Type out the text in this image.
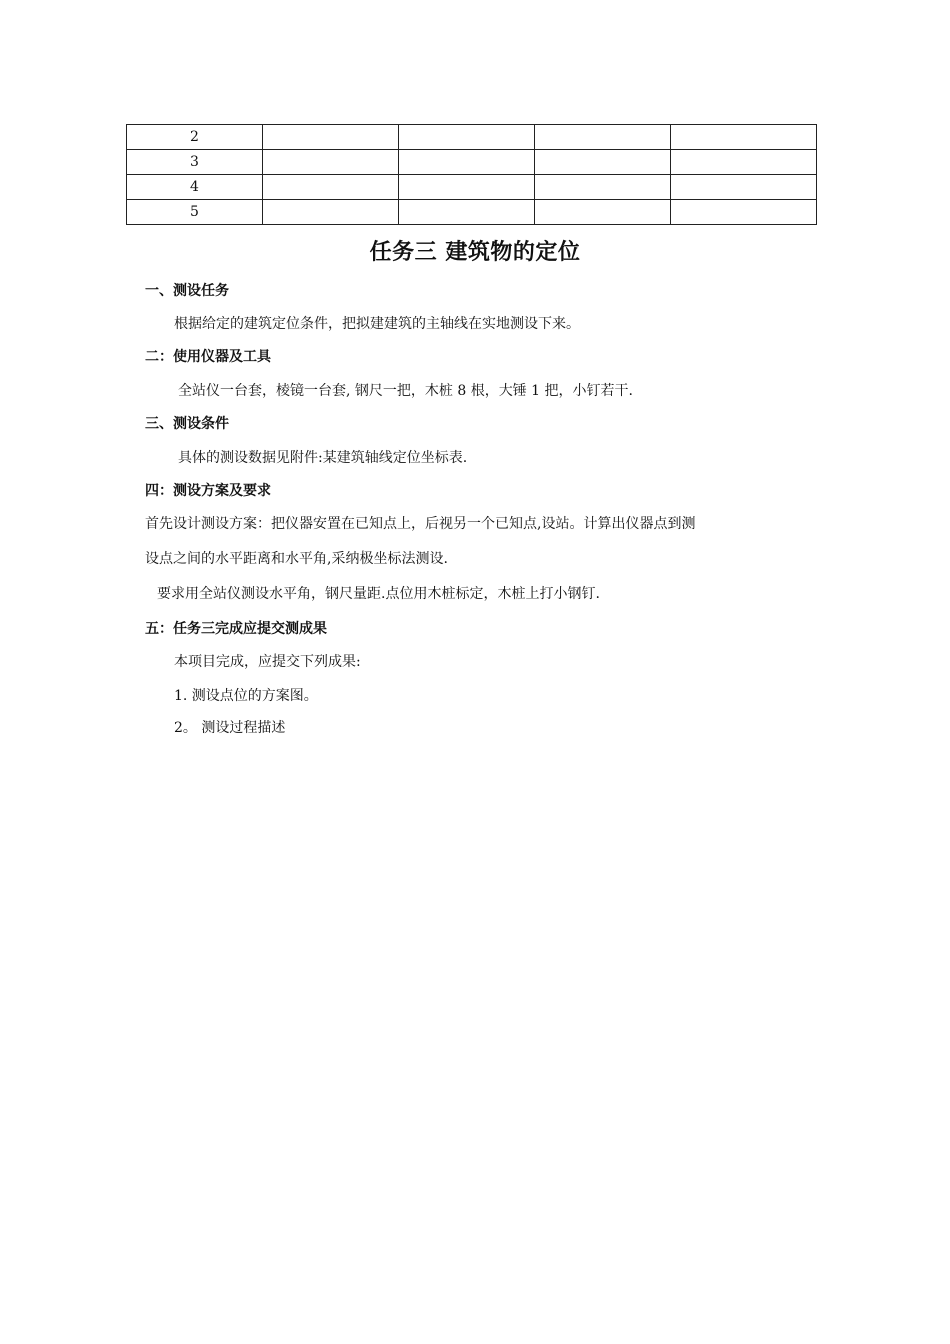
2				
3				
4				
5				
任务三 建筑物的定位
一、测设任务
根据给定的建筑定位条件，把拟建建筑的主轴线在实地测设下来。
二：使用仪器及工具
全站仪一台套，棱镜一台套, 钢尺一把，木桩 8 根，大锤 1 把，小钉若干.
三、测设条件
具体的测设数据见附件:某建筑轴线定位坐标表.
四：测设方案及要求
首先设计测设方案：把仪器安置在已知点上，后视另一个已知点,设站。计算出仪器点到测
设点之间的水平距离和水平角,采纳极坐标法测设.
要求用全站仪测设水平角，钢尺量距.点位用木桩标定，木桩上打小钢钉.
五：任务三完成应提交测成果
本项目完成，应提交下列成果:
1. 测设点位的方案图。
2。 测设过程描述
